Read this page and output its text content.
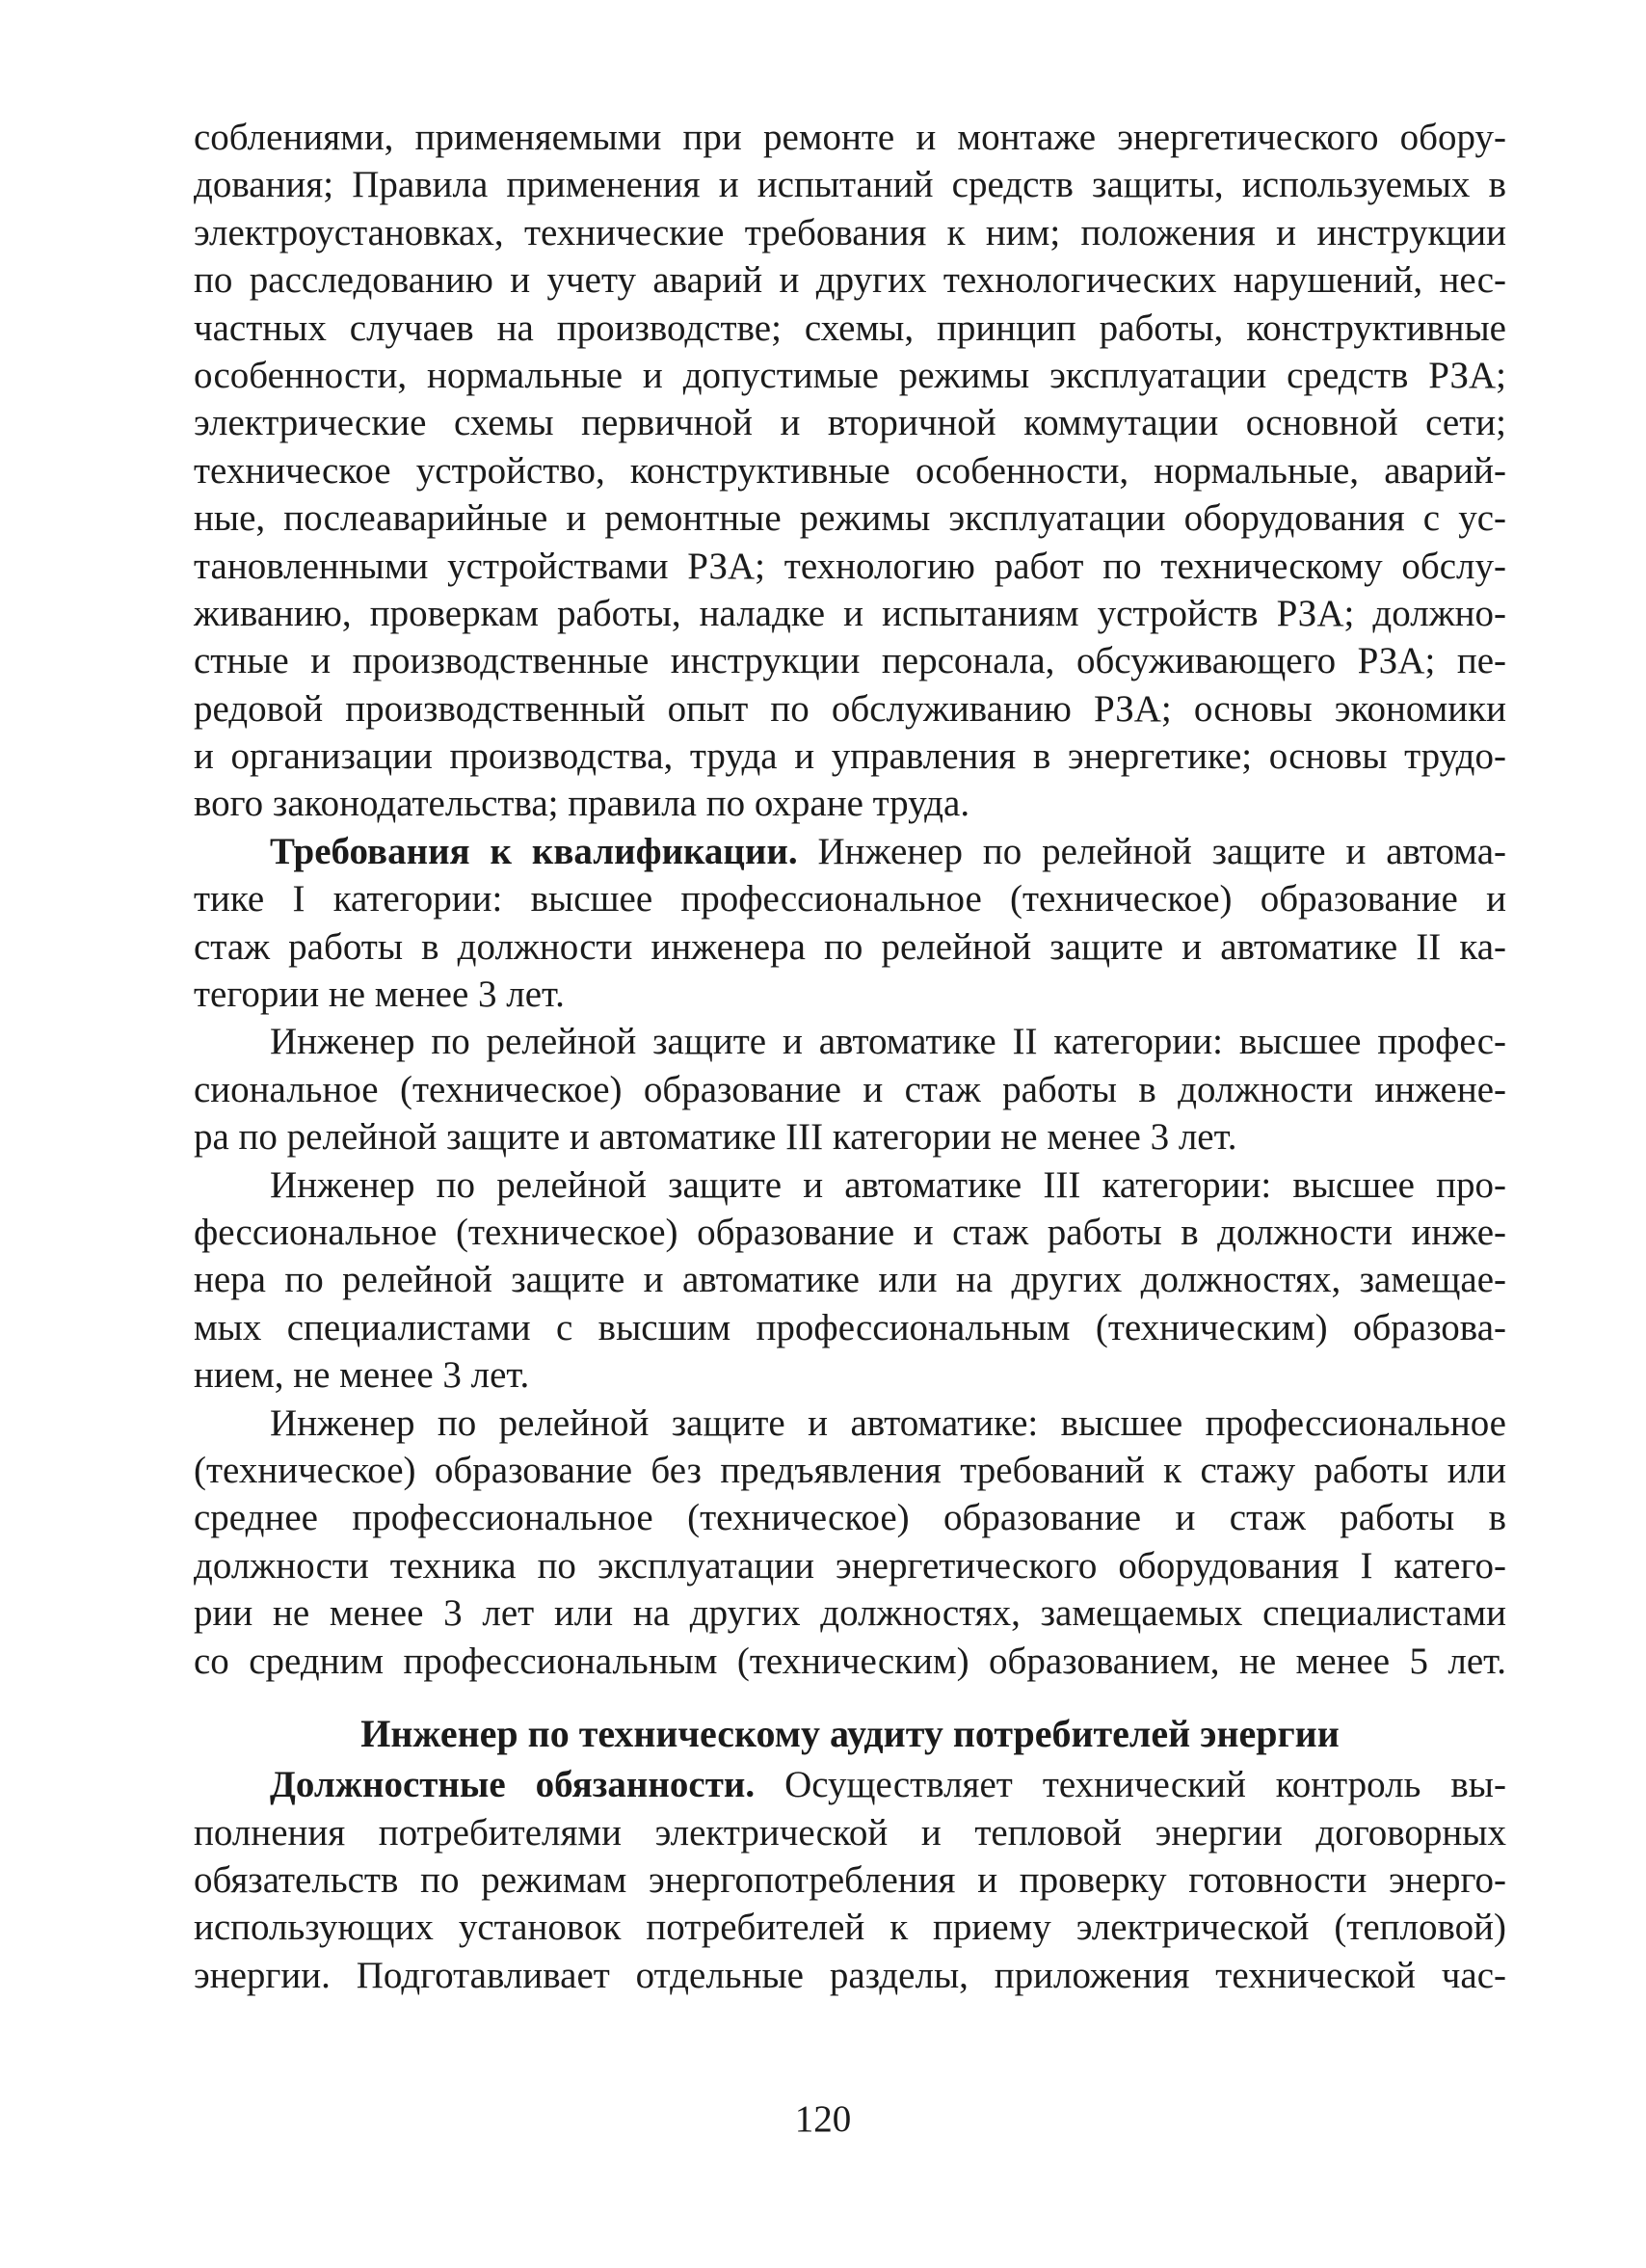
соблениями, применяемыми при ремонте и монтаже энергетического обору-
дования; Правила применения и испытаний средств защиты, используемых в
электроустановках, технические требования к ним; положения и инструкции
по расследованию и учету аварий и других технологических нарушений, нес-
частных случаев на производстве; схемы, принцип работы, конструктивные
особенности, нормальные и допустимые режимы эксплуатации средств РЗА;
электрические схемы первичной и вторичной коммутации основной сети;
техническое устройство, конструктивные особенности, нормальные, аварий-
ные, послеаварийные и ремонтные режимы эксплуатации оборудования с ус-
тановленными устройствами РЗА; технологию работ по техническому обслу-
живанию, проверкам работы, наладке и испытаниям устройств РЗА; должно-
стные и производственные инструкции персонала, обсуживающего РЗА; пе-
редовой производственный опыт по обслуживанию РЗА; основы экономики
и организации производства, труда и управления в энергетике; основы трудо-
вого законодательства; правила по охране труда.
Требования к квалификации. Инженер по релейной защите и автома-
тике I категории: высшее профессиональное (техническое) образование и
стаж работы в должности инженера по релейной защите и автоматике II ка-
тегории не менее 3 лет.
Инженер по релейной защите и автоматике II категории: высшее профес-
сиональное (техническое) образование и стаж работы в должности инжене-
ра по релейной защите и автоматике III категории не менее 3 лет.
Инженер по релейной защите и автоматике III категории: высшее про-
фессиональное (техническое) образование и стаж работы в должности инже-
нера по релейной защите и автоматике или на других должностях, замещае-
мых специалистами с высшим профессиональным (техническим) образова-
нием, не менее 3 лет.
Инженер по релейной защите и автоматике: высшее профессиональное
(техническое) образование без предъявления требований к стажу работы или
среднее профессиональное (техническое) образование и стаж работы в
должности техника по эксплуатации энергетического оборудования I катего-
рии не менее 3 лет или на других должностях, замещаемых специалистами
со средним профессиональным (техническим) образованием, не менее 5 лет.
Инженер по техническому аудиту потребителей энергии
Должностные обязанности. Осуществляет технический контроль вы-
полнения потребителями электрической и тепловой энергии договорных
обязательств по режимам энергопотребления и проверку готовности энерго-
использующих установок потребителей к приему электрической (тепловой)
энергии. Подготавливает отдельные разделы, приложения технической час-
120
